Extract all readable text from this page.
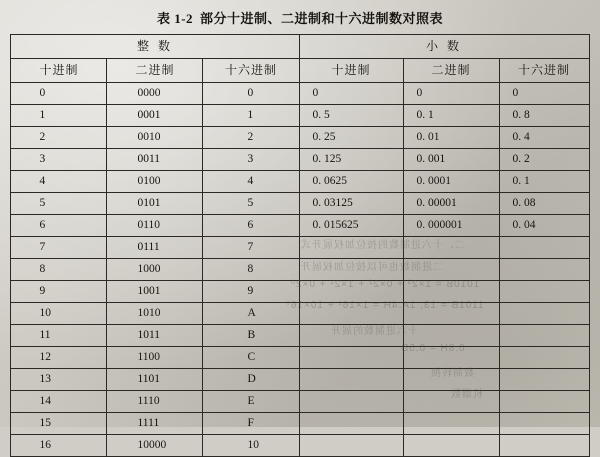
二、十六进制数的按位加权展开式
二进制数也可以按位加权展开
1010B = 1×2³ + 0×2² + 1×2¹ + 0×2⁰
1101B = 13, 1A.4H = 1×16¹ + 10×16⁰
十六进制数的展开
0.8H = 0.5D
数制转换
机器数
表 1-2 部分十进制、二进制和十六进制数对照表
整 数			小 数		
十进制	二进制	十六进制	十进制	二进制	十六进制
0	0000	0	0	0	0
1	0001	1	0. 5	0. 1	0. 8
2	0010	2	0. 25	0. 01	0. 4
3	0011	3	0. 125	0. 001	0. 2
4	0100	4	0. 0625	0. 0001	0. 1
5	0101	5	0. 03125	0. 00001	0. 08
6	0110	6	0. 015625	0. 000001	0. 04
7	0111	7			
8	1000	8			
9	1001	9			
10	1010	A			
11	1011	B			
12	1100	C			
13	1101	D			
14	1110	E			
15	1111	F			
16	10000	10			
